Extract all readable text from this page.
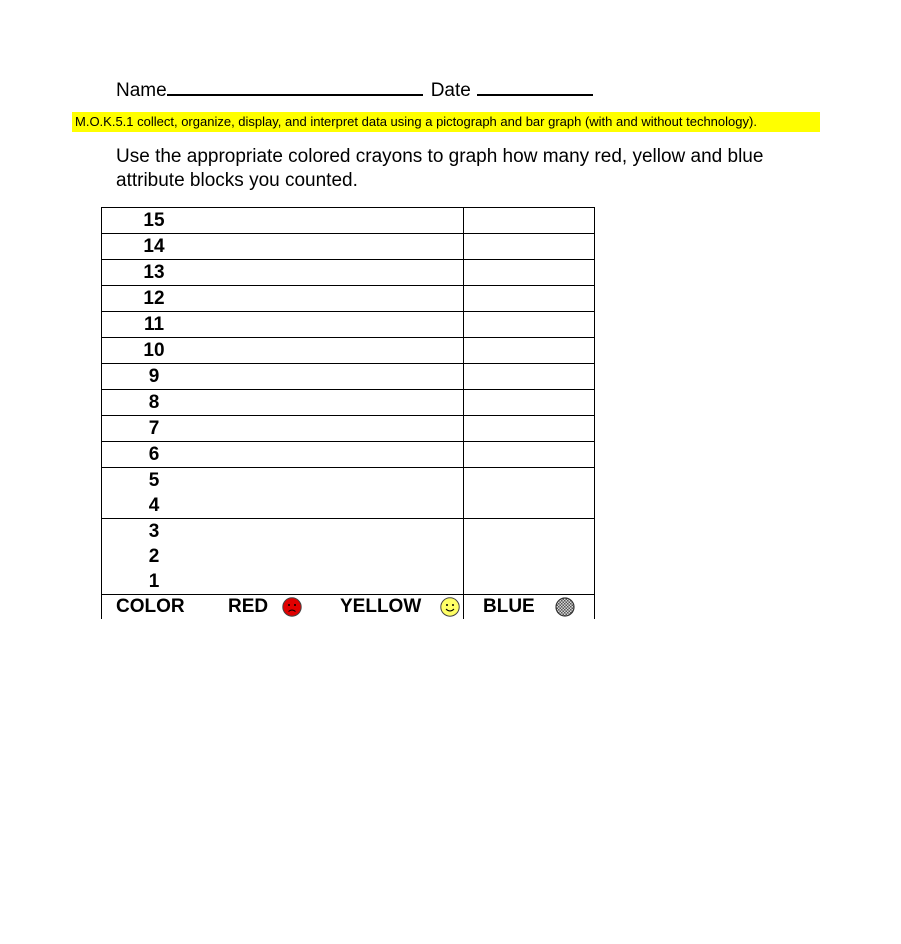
Name	Date
M.O.K.5.1 collect, organize, display, and interpret data using a pictograph and bar graph (with and without technology).
Use the appropriate colored crayons to graph how many red, yellow and blue attribute blocks you counted.
15	

14	

13	

12	

11	

10	

9	

8	

7	

6	

5
4	

3
2
1	

COLOR RED YELLOW	BLUE
